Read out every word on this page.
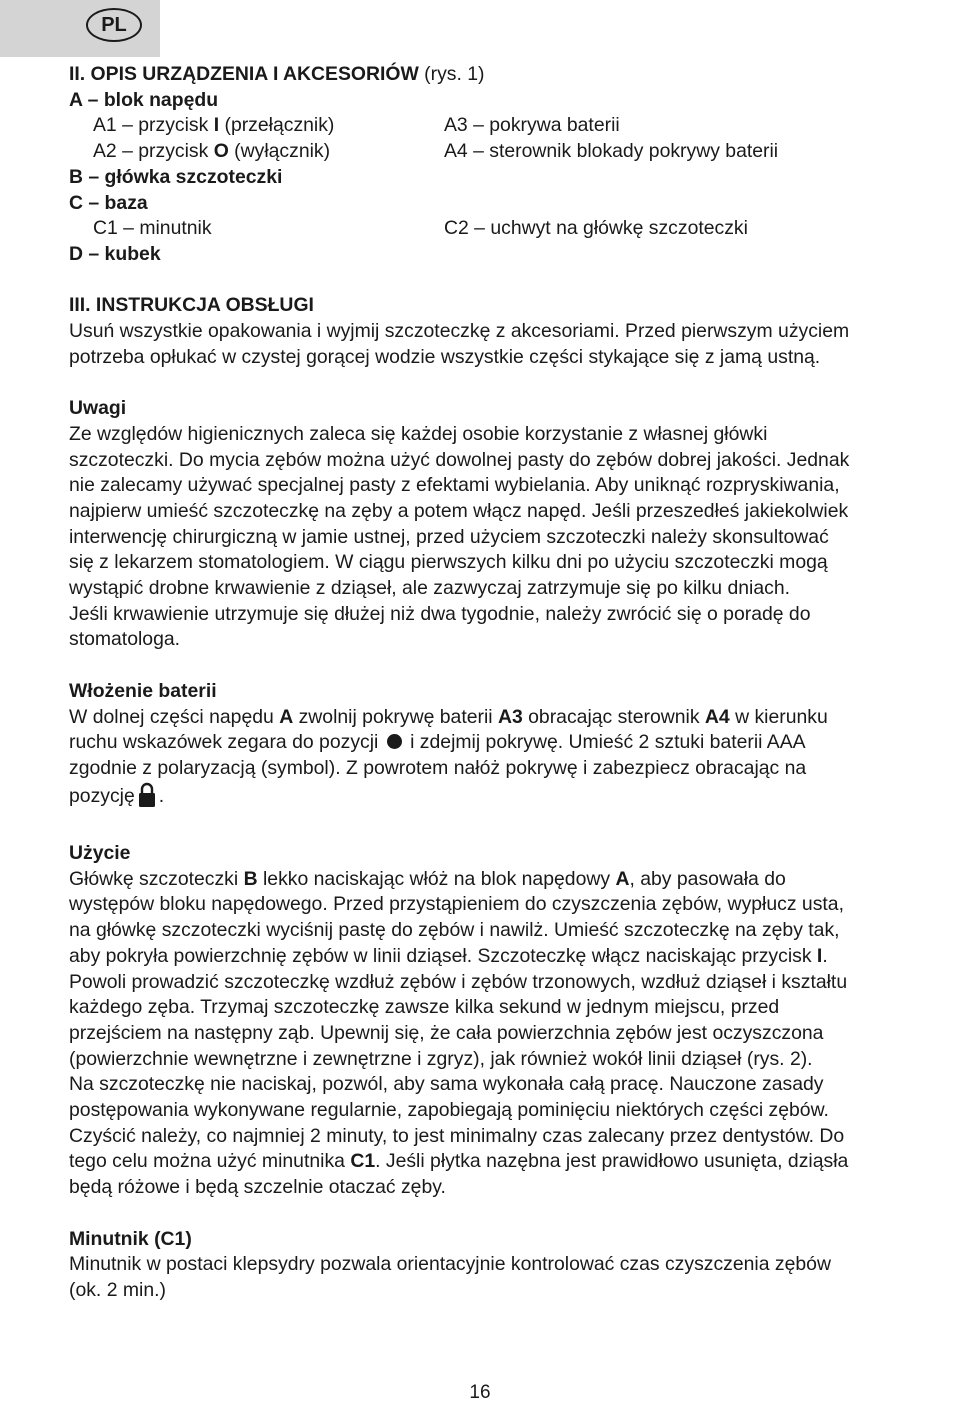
PL
II. OPIS URZĄDZENIA I AKCESORIÓW (rys. 1)
A – blok napędu
A1 – przycisk I (przełącznik)	A3 – pokrywa baterii
A2 – przycisk O (wyłącznik)	A4 – sterownik blokady pokrywy baterii
B – główka szczoteczki
C – baza
C1 – minutnik	C2 – uchwyt na główkę szczoteczki
D – kubek
III. INSTRUKCJA OBSŁUGI
Usuń wszystkie opakowania i wyjmij szczoteczkę z akcesoriami. Przed pierwszym użyciem
potrzeba opłukać w czystej gorącej wodzie wszystkie części stykające się z jamą ustną.
Uwagi
Ze względów higienicznych zaleca się każdej osobie korzystanie z własnej główki
szczoteczki. Do mycia zębów można użyć dowolnej pasty do zębów dobrej jakości. Jednak
nie zalecamy używać specjalnej pasty z efektami wybielania. Aby uniknąć rozpryskiwania,
najpierw umieść szczoteczkę na zęby a potem włącz napęd. Jeśli przeszedłeś jakiekolwiek
interwencję chirurgiczną w jamie ustnej, przed użyciem szczoteczki należy skonsultować
się z lekarzem stomatologiem. W ciągu pierwszych kilku dni po użyciu szczoteczki mogą
wystąpić drobne krwawienie z dziąseł, ale zazwyczaj zatrzymuje się po kilku dniach.
Jeśli krwawienie utrzymuje się dłużej niż dwa tygodnie, należy zwrócić się o poradę do
stomatologa.
Włożenie baterii
W dolnej części napędu A zwolnij pokrywę baterii A3 obracając sterownik A4 w kierunku
ruchu wskazówek zegara do pozycji  i zdejmij pokrywę. Umieść 2 sztuki baterii AAA
zgodnie z polaryzacją (symbol). Z powrotem nałóż pokrywę i zabezpiecz obracając na
pozycję .
Użycie
Główkę szczoteczki B lekko naciskając włóż na blok napędowy A, aby pasowała do
występów bloku napędowego. Przed przystąpieniem do czyszczenia zębów, wypłucz usta,
na główkę szczoteczki wyciśnij pastę do zębów i nawilż. Umieść szczoteczkę na zęby tak,
aby pokryła powierzchnię zębów w linii dziąseł. Szczoteczkę włącz naciskając przycisk I.
Powoli prowadzić szczoteczkę wzdłuż zębów i zębów trzonowych, wzdłuż dziąseł i kształtu
każdego zęba. Trzymaj szczoteczkę zawsze kilka sekund w jednym miejscu, przed
przejściem na następny ząb. Upewnij się, że cała powierzchnia zębów jest oczyszczona
(powierzchnie wewnętrzne i zewnętrzne i zgryz), jak również wokół linii dziąseł (rys. 2).
Na szczoteczkę nie naciskaj, pozwól, aby sama wykonała całą pracę. Nauczone zasady
postępowania wykonywane regularnie, zapobiegają pominięciu niektórych części zębów.
Czyścić należy, co najmniej 2 minuty, to jest minimalny czas zalecany przez dentystów. Do
tego celu można użyć minutnika C1. Jeśli płytka nazębna jest prawidłowo usunięta, dziąsła
będą różowe i będą szczelnie otaczać zęby.
Minutnik (C1)
Minutnik w postaci klepsydry pozwala orientacyjnie kontrolować czas czyszczenia zębów
(ok. 2 min.)
16
